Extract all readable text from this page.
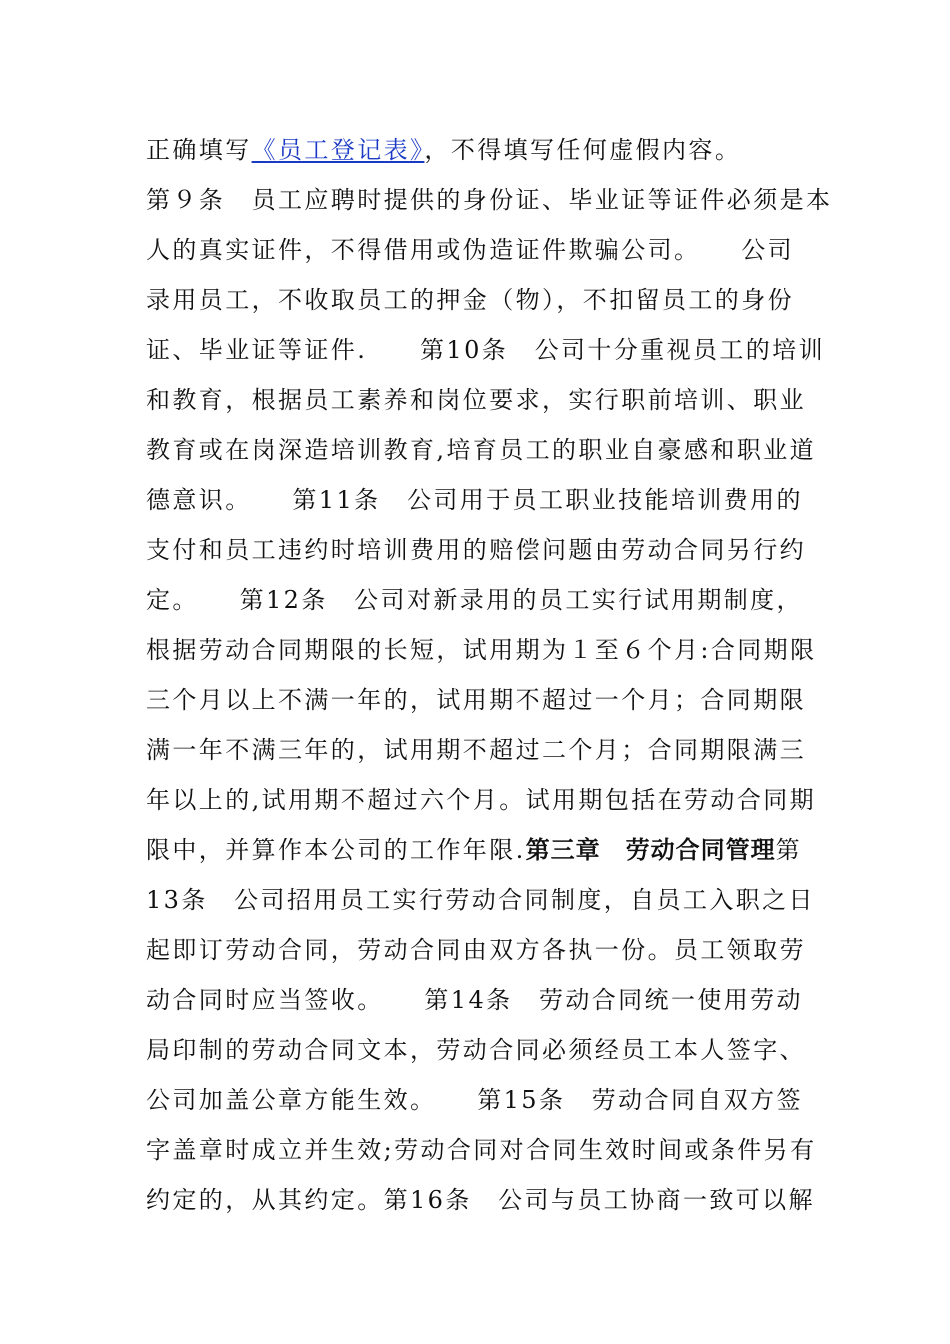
正确填写《员工登记表》，不得填写任何虚假内容。
第９条　员工应聘时提供的身份证、毕业证等证件必须是本
人的真实证件，不得借用或伪造证件欺骗公司。　　公司
录用员工，不收取员工的押金（物），不扣留员工的身份
证、毕业证等证件.　　第10条　公司十分重视员工的培训
和教育，根据员工素养和岗位要求，实行职前培训、职业
教育或在岗深造培训教育,培育员工的职业自豪感和职业道
德意识。　　第11条　公司用于员工职业技能培训费用的
支付和员工违约时培训费用的赔偿问题由劳动合同另行约
定。　　第12条　公司对新录用的员工实行试用期制度，
根据劳动合同期限的长短，试用期为１至６个月:合同期限
三个月以上不满一年的，试用期不超过一个月；合同期限
满一年不满三年的，试用期不超过二个月；合同期限满三
年以上的,试用期不超过六个月。试用期包括在劳动合同期
限中，并算作本公司的工作年限.第三章　劳动合同管理第
13条　公司招用员工实行劳动合同制度，自员工入职之日
起即订劳动合同，劳动合同由双方各执一份。员工领取劳
动合同时应当签收。　　第14条　劳动合同统一使用劳动
局印制的劳动合同文本，劳动合同必须经员工本人签字、
公司加盖公章方能生效。　　第15条　劳动合同自双方签
字盖章时成立并生效;劳动合同对合同生效时间或条件另有
约定的，从其约定。第16条　公司与员工协商一致可以解
